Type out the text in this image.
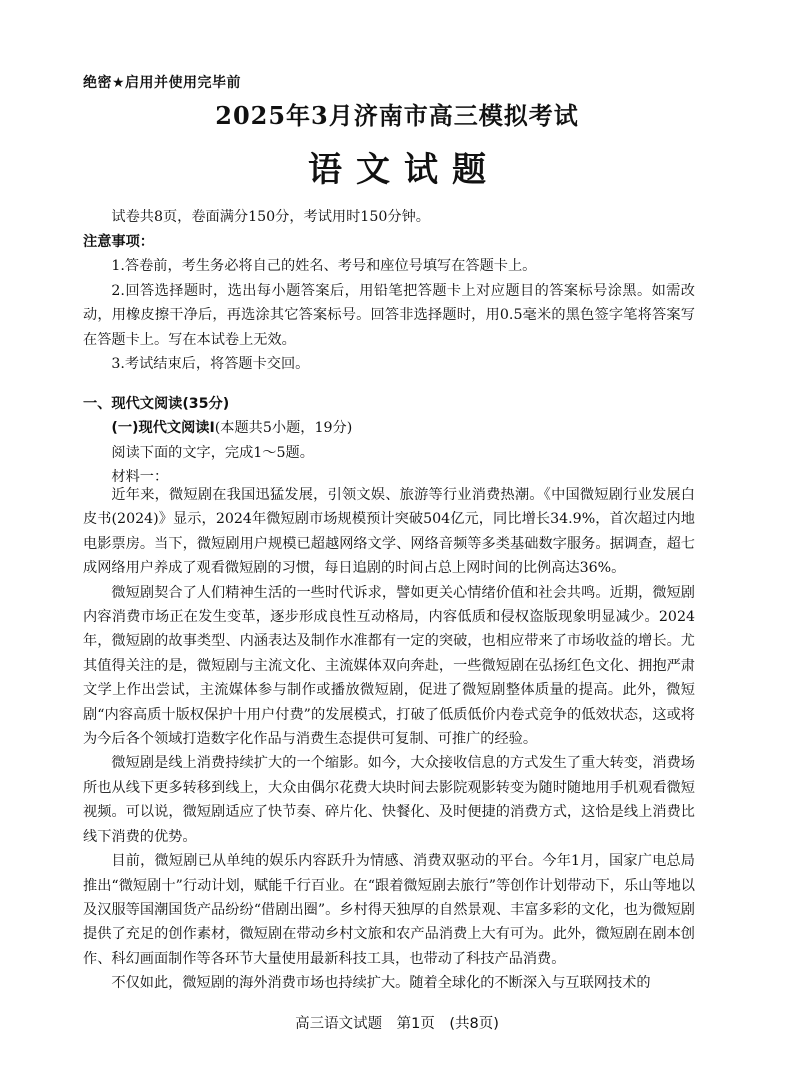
绝密★启用并使用完毕前
2025年3月济南市高三模拟考试
语文试题

试卷共8页，卷面满分150分，考试用时150分钟。

注意事项：

1.答卷前，考生务必将自己的姓名、考号和座位号填写在答题卡上。

2.回答选择题时，选出每小题答案后，用铅笔把答题卡上对应题目的答案标号涂黑。如需改动，用橡皮擦干净后，再选涂其它答案标号。回答非选择题时，用0.5毫米的黑色签字笔将答案写在答题卡上。写在本试卷上无效。

3.考试结束后，将答题卡交回。

一、现代文阅读(35分)

(一)现代文阅读Ⅰ(本题共5小题，19分)

阅读下面的文字，完成1～5题。

材料一：

近年来，微短剧在我国迅猛发展，引领文娱、旅游等行业消费热潮。《中国微短剧行业发展白皮书(2024)》显示，2024年微短剧市场规模预计突破504亿元，同比增长34.9%，首次超过内地电影票房。当下，微短剧用户规模已超越网络文学、网络音频等多类基础数字服务。据调查，超七成网络用户养成了观看微短剧的习惯，每日追剧的时间占总上网时间的比例高达36%。

微短剧契合了人们精神生活的一些时代诉求，譬如更关心情绪价值和社会共鸣。近期，微短剧内容消费市场正在发生变革，逐步形成良性互动格局，内容低质和侵权盗版现象明显减少。2024年，微短剧的故事类型、内涵表达及制作水准都有一定的突破，也相应带来了市场收益的增长。尤其值得关注的是，微短剧与主流文化、主流媒体双向奔赴，一些微短剧在弘扬红色文化、拥抱严肃文学上作出尝试，主流媒体参与制作或播放微短剧，促进了微短剧整体质量的提高。此外，微短剧“内容高质十版权保护十用户付费”的发展模式，打破了低质低价内卷式竞争的低效状态，这或将为今后各个领域打造数字化作品与消费生态提供可复制、可推广的经验。

微短剧是线上消费持续扩大的一个缩影。如今，大众接收信息的方式发生了重大转变，消费场所也从线下更多转移到线上，大众由偶尔花费大块时间去影院观影转变为随时随地用手机观看微短视频。可以说，微短剧适应了快节奏、碎片化、快餐化、及时便捷的消费方式，这恰是线上消费比线下消费的优势。

目前，微短剧已从单纯的娱乐内容跃升为情感、消费双驱动的平台。今年1月，国家广电总局推出“微短剧十”行动计划，赋能千行百业。在“跟着微短剧去旅行”等创作计划带动下，乐山等地以及汉服等国潮国货产品纷纷“借剧出圈”。乡村得天独厚的自然景观、丰富多彩的文化，也为微短剧提供了充足的创作素材，微短剧在带动乡村文旅和农产品消费上大有可为。此外，微短剧在剧本创作、科幻画面制作等各环节大量使用最新科技工具，也带动了科技产品消费。

不仅如此，微短剧的海外消费市场也持续扩大。随着全球化的不断深入与互联网技术的

高三语文试题　第1页　(共8页)
